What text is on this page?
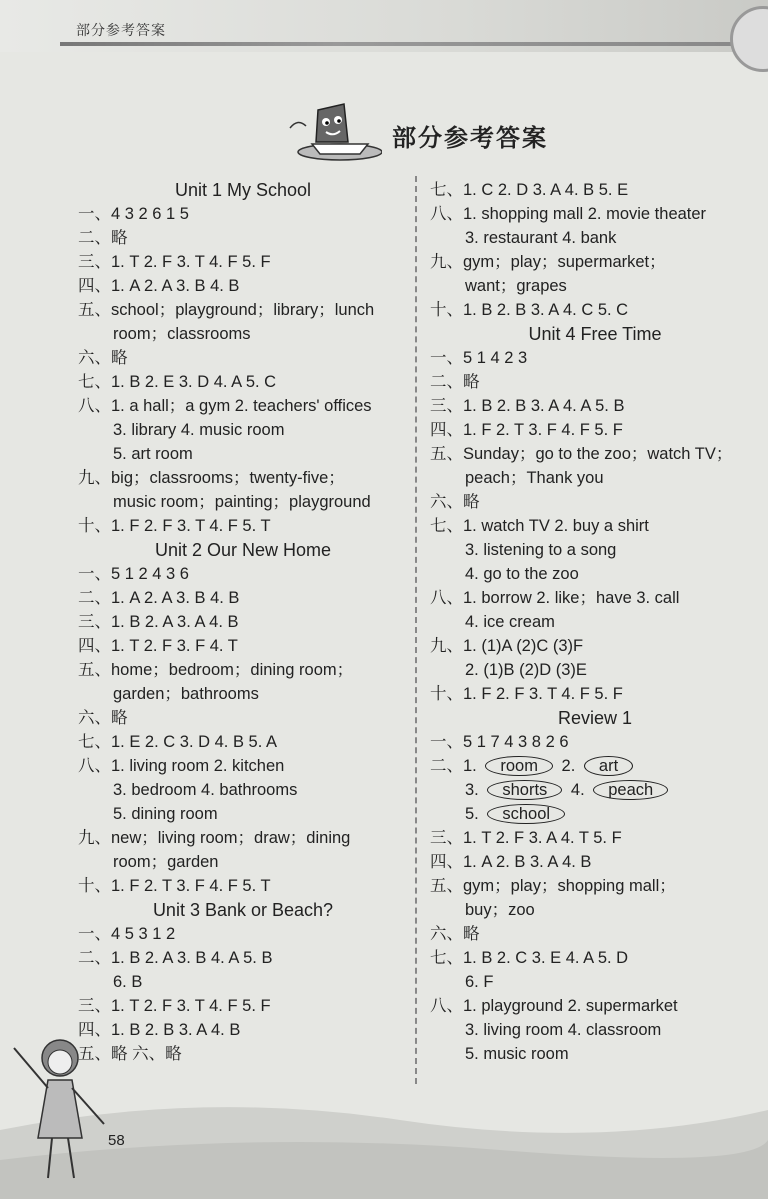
部分参考答案
部分参考答案
Unit 1 My School
一、4 3 2 6 1 5
二、略
三、1. T 2. F 3. T 4. F 5. F
四、1. A 2. A 3. B 4. B
五、school；playground；library；lunch
room；classrooms
六、略
七、1. B 2. E 3. D 4. A 5. C
八、1. a hall；a gym 2. teachers' offices
3. library 4. music room
5. art room
九、big；classrooms；twenty-five；
music room；painting；playground
十、1. F 2. F 3. T 4. F 5. T
Unit 2 Our New Home
一、5 1 2 4 3 6
二、1. A 2. A 3. B 4. B
三、1. B 2. A 3. A 4. B
四、1. T 2. F 3. F 4. T
五、home；bedroom；dining room；
garden；bathrooms
六、略
七、1. E 2. C 3. D 4. B 5. A
八、1. living room 2. kitchen
3. bedroom 4. bathrooms
5. dining room
九、new；living room；draw；dining
room；garden
十、1. F 2. T 3. F 4. F 5. T
Unit 3 Bank or Beach?
一、4 5 3 1 2
二、1. B 2. A 3. B 4. A 5. B
6. B
三、1. T 2. F 3. T 4. F 5. F
四、1. B 2. B 3. A 4. B
五、略 六、略
七、1. C 2. D 3. A 4. B 5. E
八、1. shopping mall 2. movie theater
3. restaurant 4. bank
九、gym；play；supermarket；
want；grapes
十、1. B 2. B 3. A 4. C 5. C
Unit 4 Free Time
一、5 1 4 2 3
二、略
三、1. B 2. B 3. A 4. A 5. B
四、1. F 2. T 3. F 4. F 5. F
五、Sunday；go to the zoo；watch TV；
peach；Thank you
六、略
七、1. watch TV 2. buy a shirt
3. listening to a song
4. go to the zoo
八、1. borrow 2. like；have 3. call
4. ice cream
九、1. (1)A (2)C (3)F
2. (1)B (2)D (3)E
十、1. F 2. F 3. T 4. F 5. F
Review 1
一、5 1 7 4 3 8 2 6
二、1. room 2. art
3. shorts 4. peach
5. school
三、1. T 2. F 3. A 4. T 5. F
四、1. A 2. B 3. A 4. B
五、gym；play；shopping mall；
buy；zoo
六、略
七、1. B 2. C 3. E 4. A 5. D
6. F
八、1. playground 2. supermarket
3. living room 4. classroom
5. music room
58
